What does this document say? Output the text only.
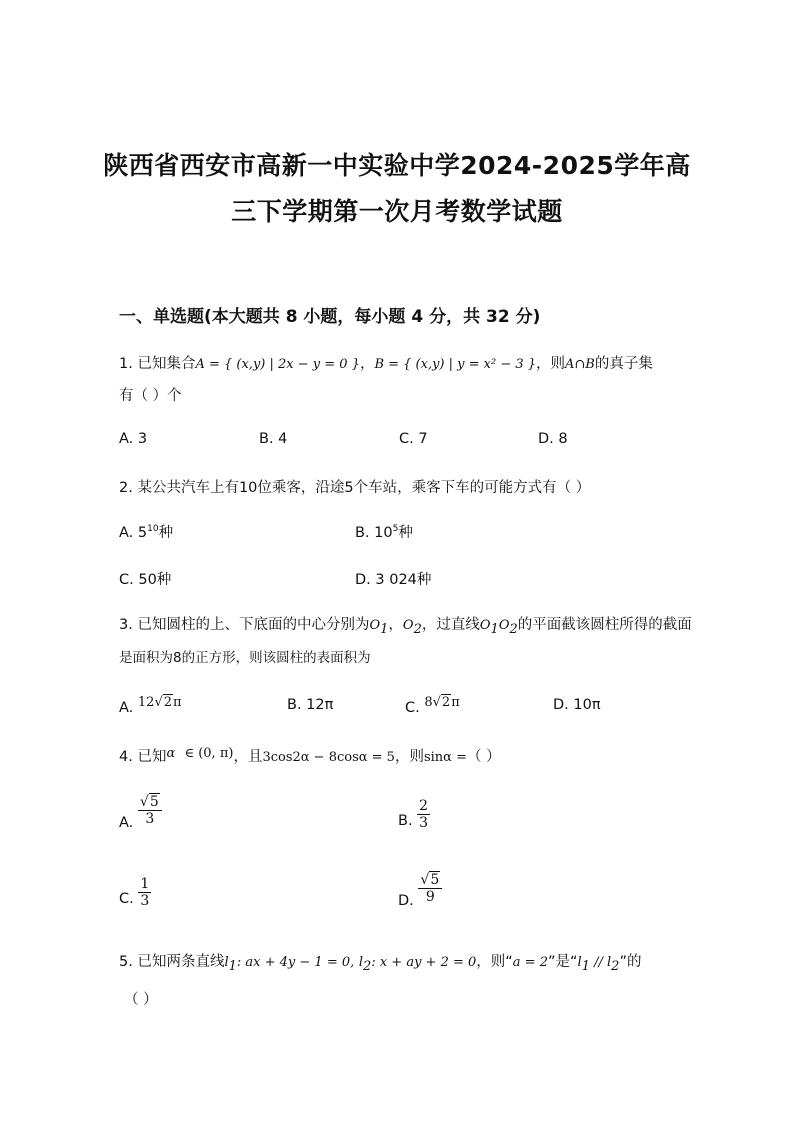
陕西省西安市高新一中实验中学2024-2025学年高
三下学期第一次月考数学试题
一、单选题(本大题共 8 小题，每小题 4 分，共 32 分)
1. 已知集合A = { (x,y) | 2x − y = 0 }，B = { (x,y) | y = x² − 3 }，则A∩B的真子集
有（ ）个
A. 3	B. 4	C. 7	D. 8
2. 某公共汽车上有10位乘客，沿途5个车站，乘客下车的可能方式有（ ）
A. $5^{10}$种	B. $10^5$种
C. 50种	D. 3 024种
3. 已知圆柱的上、下底面的中心分别为$O_1$，$O_2$，过直线$O_1O_2$的平面截该圆柱所得的截面
是面积为8的正方形，则该圆柱的表面积为
A. 12√2π	B. 12π	C. 8√2π	D. 10π
4. 已知α ∈ (0, π)，且3cos2α − 8cosα = 5，则sinα =（ ）
A. $\frac{√5}{3}$	B. $\frac{2}{3}$
C. $\frac{1}{3}$	D. $\frac{√5}{9}$
5. 已知两条直线$l_1$: ax + 4y − 1 = 0, $l_2$: x + ay + 2 = 0，则“a = 2”是“$l_1 // l_2$”的
（ ）
